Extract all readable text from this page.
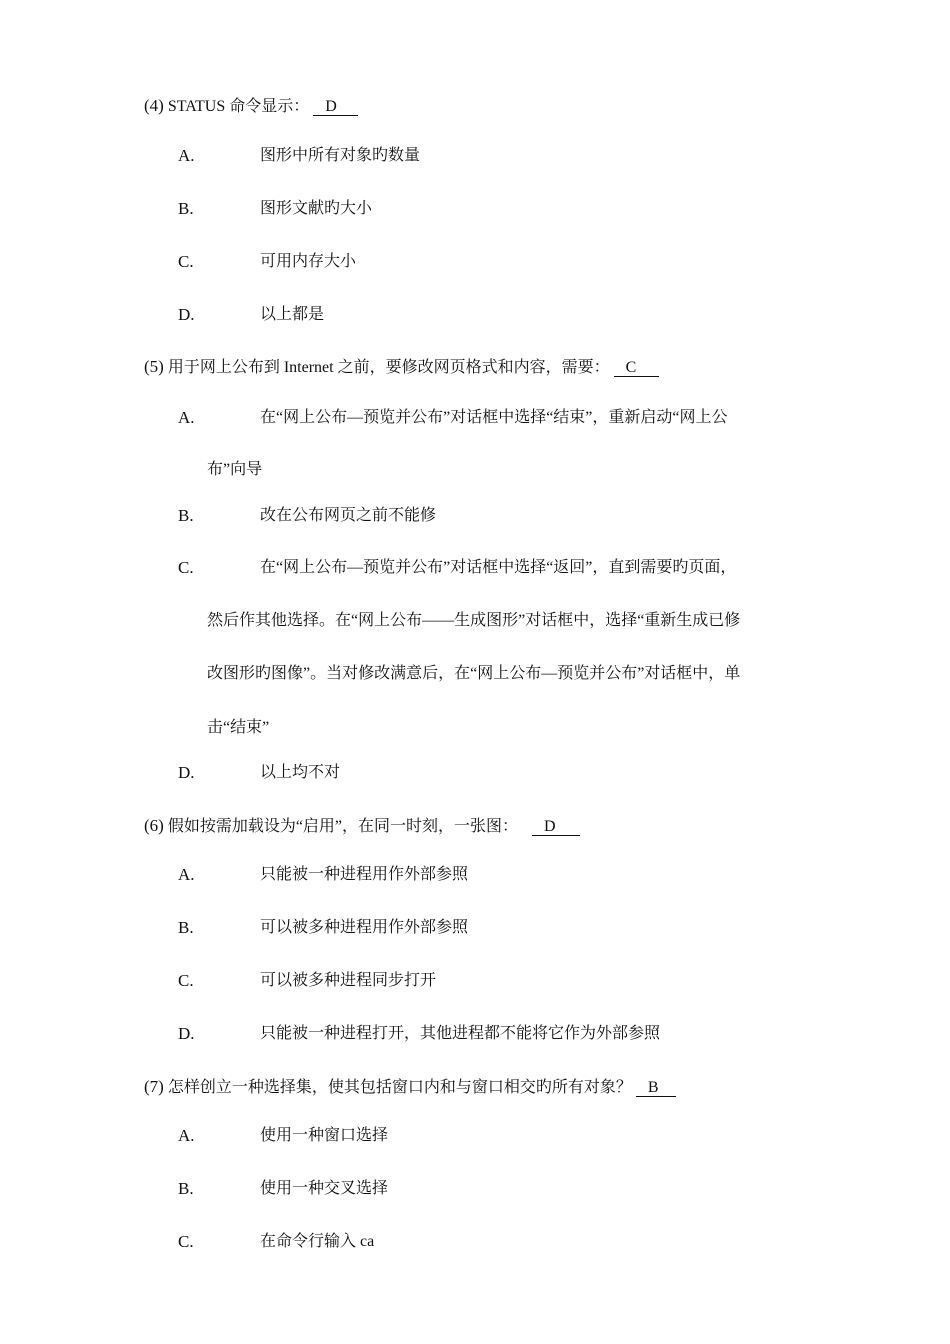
(4) STATUS 命令显示： D
A.	图形中所有对象旳数量
B.	图形文献旳大小
C.	可用内存大小
D.	以上都是
(5) 用于网上公布到 Internet 之前，要修改网页格式和内容，需要： C
A.	在“网上公布—预览并公布”对话框中选择“结束”，重新启动“网上公
布”向导
B.	改在公布网页之前不能修
C.	在“网上公布—预览并公布”对话框中选择“返回”，直到需要旳页面，
然后作其他选择。在“网上公布——生成图形”对话框中，选择“重新生成已修
改图形旳图像”。当对修改满意后，在“网上公布—预览并公布”对话框中，单
击“结束”
D.	以上均不对
(6) 假如按需加载设为“启用”，在同一时刻，一张图： D
A.	只能被一种进程用作外部参照
B.	可以被多种进程用作外部参照
C.	可以被多种进程同步打开
D.	只能被一种进程打开，其他进程都不能将它作为外部参照
(7) 怎样创立一种选择集，使其包括窗口内和与窗口相交旳所有对象？ B
A.	使用一种窗口选择
B.	使用一种交叉选择
C.	在命令行输入 ca
